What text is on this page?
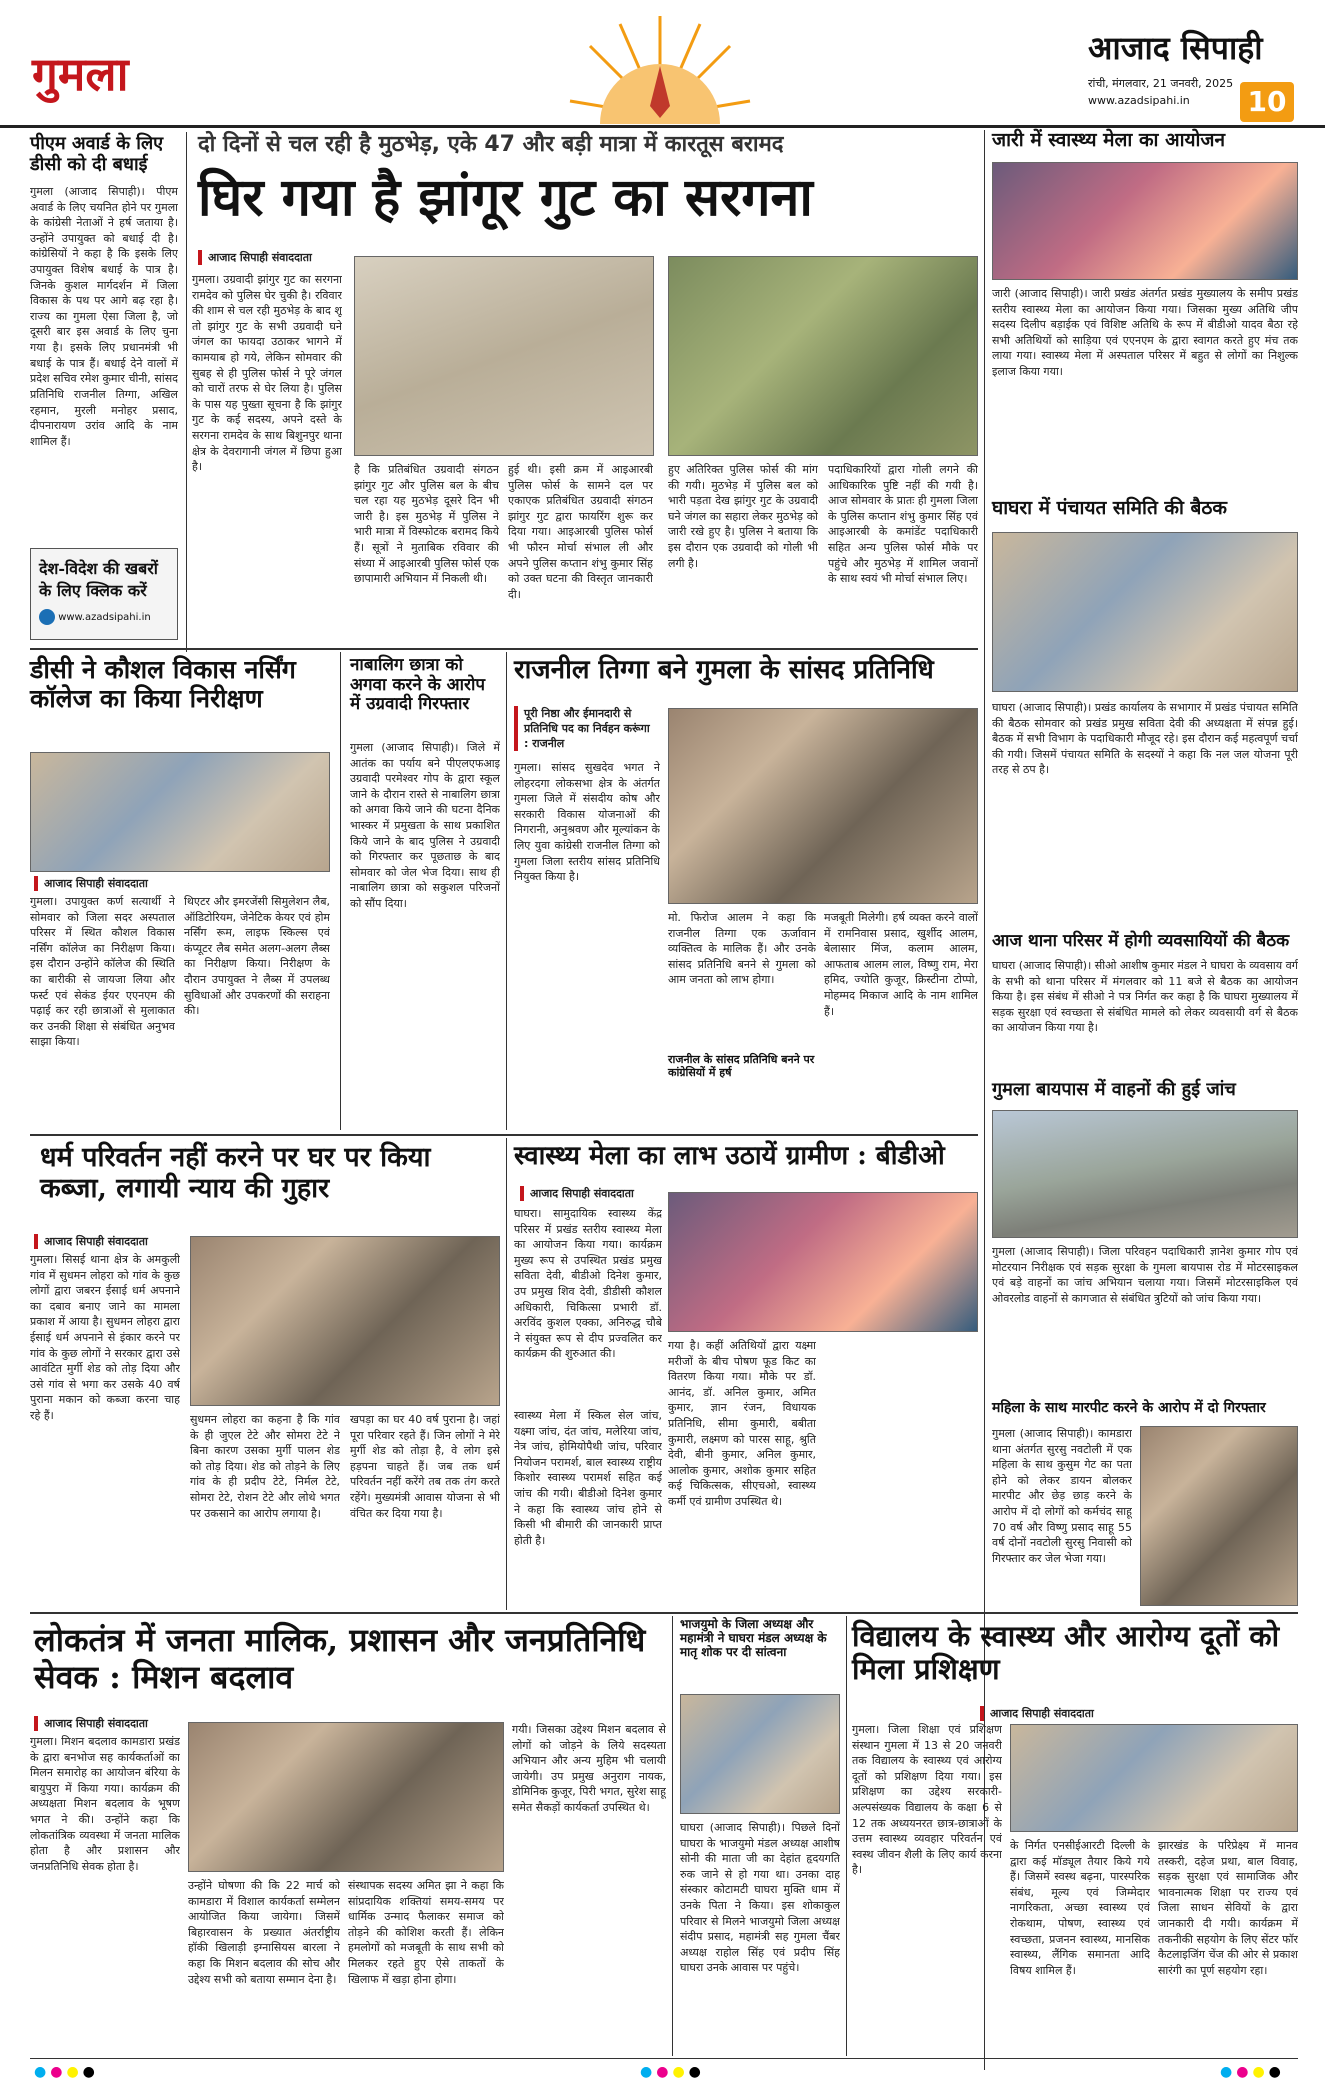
गुमला	आजाद सिपाही
रांची, मंगलवार, 21 जनवरी, 2025
www.azadsipahi.in 10
पीएम अवार्ड के लिए डीसी को दी बधाई
गुमला (आजाद सिपाही)। पीएम अवार्ड के लिए चयनित होने पर गुमला के कांग्रेसी नेताओं ने हर्ष जताया है। उन्होंने उपायुक्त को बधाई दी है। कांग्रेसियों ने कहा है कि इसके लिए उपायुक्त विशेष बधाई के पात्र है। जिनके कुशल मार्गदर्शन में जिला विकास के पथ पर आगे बढ़ रहा है। राज्य का गुमला ऐसा जिला है, जो दूसरी बार इस अवार्ड के लिए चुना गया है। इसके लिए प्रधानमंत्री भी बधाई के पात्र हैं। बधाई देने वालों में प्रदेश सचिव रमेश कुमार चीनी, सांसद प्रतिनिधि राजनील तिग्गा, अखिल रहमान, मुरली मनोहर प्रसाद, दीपनारायण उरांव आदि के नाम शामिल हैं।
देश-विदेश की खबरों के लिए क्लिक करें
www.azadsipahi.in
दो दिनों से चल रही है मुठभेड़, एके 47 और बड़ी मात्रा में कारतूस बरामद
घिर गया है झांगूर गुट का सरगना
आजाद सिपाही संवाददाता
गुमला। उग्रवादी झांगुर गुट का सरगना रामदेव को पुलिस घेर चुकी है। रविवार की शाम से चल रही मुठभेड़ के बाद शू तो झांगुर गुट के सभी उग्रवादी घने जंगल का फायदा उठाकर भागने में कामयाब हो गये, लेकिन सोमवार की सुबह से ही पुलिस फोर्स ने पूरे जंगल को चारों तरफ से घेर लिया है। पुलिस के पास यह पुख्ता सूचना है कि झांगुर गुट के कई सदस्य, अपने दस्ते के सरगना रामदेव के साथ बिशुनपुर थाना क्षेत्र के देवरागानी जंगल में छिपा हुआ है।	है कि प्रतिबंधित उग्रवादी संगठन झांगुर गुट और पुलिस बल के बीच चल रहा यह मुठभेड़ दूसरे दिन भी जारी है। इस मुठभेड़ में पुलिस ने भारी मात्रा में विस्फोटक बरामद किये हैं। सूत्रों ने मुताबिक रविवार की संध्या में आइआरबी पुलिस फोर्स एक छापामारी अभियान में निकली थी।
हुई थी। इसी क्रम में आइआरबी पुलिस फोर्स के सामने दल पर एकाएक प्रतिबंधित उग्रवादी संगठन झांगुर गुट द्वारा फायरिंग शुरू कर दिया गया। आइआरबी पुलिस फोर्स भी फौरन मोर्चा संभाल ली और अपने पुलिस कप्तान शंभु कुमार सिंह को उक्त घटना की विस्तृत जानकारी दी।
हुए अतिरिक्त पुलिस फोर्स की मांग की गयी। मुठभेड़ में पुलिस बल को भारी पड़ता देख झांगुर गुट के उग्रवादी घने जंगल का सहारा लेकर मुठभेड़ को जारी रखे हुए है। पुलिस ने बताया कि इस दौरान एक उग्रवादी को गोली भी लगी है।
पदाधिकारियों द्वारा गोली लगने की आधिकारिक पुष्टि नहीं की गयी है। आज सोमवार के प्रातः ही गुमला जिला के पुलिस कप्तान शंभु कुमार सिंह एवं आइआरबी के कमांडेंट पदाधिकारी सहित अन्य पुलिस फोर्स मौके पर पहुंचे और मुठभेड़ में शामिल जवानों के साथ स्वयं भी मोर्चा संभाल लिए।
जारी में स्वास्थ्य मेला का आयोजन
जारी (आजाद सिपाही)। जारी प्रखंड अंतर्गत प्रखंड मुख्यालय के समीप प्रखंड स्तरीय स्वास्थ्य मेला का आयोजन किया गया। जिसका मुख्य अतिथि जीप सदस्य दिलीप बड़ाईक एवं विशिष्ट अतिथि के रूप में बीडीओ यादव बैठा रहे सभी अतिथियों को साड़िया एवं एएनएम के द्वारा स्वागत करते हुए मंच तक लाया गया। स्वास्थ्य मेला में अस्पताल परिसर में बहुत से लोगों का निशुल्क इलाज किया गया।
घाघरा में पंचायत समिति की बैठक
घाघरा (आजाद सिपाही)। प्रखंड कार्यालय के सभागार में प्रखंड पंचायत समिति की बैठक सोमवार को प्रखंड प्रमुख सविता देवी की अध्यक्षता में संपन्न हुई। बैठक में सभी विभाग के पदाधिकारी मौजूद रहे। इस दौरान कई महत्वपूर्ण चर्चा की गयी। जिसमें पंचायत समिति के सदस्यों ने कहा कि नल जल योजना पूरी तरह से ठप है।
आज थाना परिसर में होगी व्यवसायियों की बैठक
घाघरा (आजाद सिपाही)। सीओ आशीष कुमार मंडल ने घाघरा के व्यवसाय वर्ग के सभी को थाना परिसर में मंगलवार को 11 बजे से बैठक का आयोजन किया है। इस संबंध में सीओ ने पत्र निर्गत कर कहा है कि घाघरा मुख्यालय में सड़क सुरक्षा एवं स्वच्छता से संबंधित मामले को लेकर व्यवसायी वर्ग से बैठक का आयोजन किया गया है।
गुमला बायपास में वाहनों की हुई जांच
गुमला (आजाद सिपाही)। जिला परिवहन पदाधिकारी ज्ञानेश कुमार गोप एवं मोटरयान निरीक्षक एवं सड़क सुरक्षा के गुमला बायपास रोड में मोटरसाइकल एवं बड़े वाहनों का जांच अभियान चलाया गया। जिसमें मोटरसाइकिल एवं ओवरलोड वाहनों से कागजात से संबंधित त्रुटियों को जांच किया गया।
महिला के साथ मारपीट करने के आरोप में दो गिरफ्तार
गुमला (आजाद सिपाही)। कामडारा थाना अंतर्गत सुरसु नवटोली में एक महिला के साथ कुसुम गेट का पता होने को लेकर डायन बोलकर मारपीट और छेड़ छाड़ करने के आरोप में दो लोगों को कर्मचंद साहू 70 वर्ष और विष्णु प्रसाद साहू 55 वर्ष दोनों नवटोली सुरसु निवासी को गिरफ्तार कर जेल भेजा गया।
डीसी ने कौशल विकास नर्सिंग कॉलेज का किया निरीक्षण
आजाद सिपाही संवाददाता
गुमला। उपायुक्त कर्ण सत्यार्थी ने सोमवार को जिला सदर अस्पताल परिसर में स्थित कौशल विकास नर्सिंग कॉलेज का निरीक्षण किया। इस दौरान उन्होंने कॉलेज की स्थिति का बारीकी से जायजा लिया और फर्स्ट एवं सेकंड ईयर एएनएम की पढ़ाई कर रही छात्राओं से मुलाकात कर उनकी शिक्षा से संबंधित अनुभव साझा किया।
थिएटर और इमरजेंसी सिमुलेशन लैब, ऑडिटोरियम, जेनेटिक केयर एवं होम नर्सिंग रूम, लाइफ स्किल्स एवं कंप्यूटर लैब समेत अलग-अलग लैब्स का निरीक्षण किया। निरीक्षण के दौरान उपायुक्त ने लैब्स में उपलब्ध सुविधाओं और उपकरणों की सराहना की।
नाबालिग छात्रा को अगवा करने के आरोप में उग्रवादी गिरफ्तार
गुमला (आजाद सिपाही)। जिले में आतंक का पर्याय बने पीएलएफआइ उग्रवादी परमेश्वर गोप के द्वारा स्कूल जाने के दौरान रास्ते से नाबालिग छात्रा को अगवा किये जाने की घटना दैनिक भास्कर में प्रमुखता के साथ प्रकाशित किये जाने के बाद पुलिस ने उग्रवादी को गिरफ्तार कर पूछताछ के बाद सोमवार को जेल भेज दिया। साथ ही नाबालिग छात्रा को सकुशल परिजनों को सौंप दिया।
राजनील तिग्गा बने गुमला के सांसद प्रतिनिधि
पूरी निष्ठा और ईमानदारी से प्रतिनिधि पद का निर्वहन करूंगा : राजनील
गुमला। सांसद सुखदेव भगत ने लोहरदगा लोकसभा क्षेत्र के अंतर्गत गुमला जिले में संसदीय कोष और सरकारी विकास योजनाओं की निगरानी, अनुश्रवण और मूल्यांकन के लिए युवा कांग्रेसी राजनील तिग्गा को गुमला जिला स्तरीय सांसद प्रतिनिधि नियुक्त किया है।
मो. फिरोज आलम ने कहा कि राजनील तिग्गा एक ऊर्जावान व्यक्तित्व के मालिक हैं। और उनके सांसद प्रतिनिधि बनने से गुमला को आम जनता को लाभ होगा।
मजबूती मिलेगी। हर्ष व्यक्त करने वालों में रामनिवास प्रसाद, खुर्शीद आलम, बेलासार मिंज, कलाम आलम, आफताब आलम लाल, विष्णु राम, मेरा हमिद, ज्योति कुजूर, क्रिस्टीना टोप्पो, मोहम्मद मिकाज आदि के नाम शामिल हैं।
राजनील के सांसद प्रतिनिधि बनने पर कांग्रेसियों में हर्ष
धर्म परिवर्तन नहीं करने पर घर पर किया कब्जा, लगायी न्याय की गुहार
आजाद सिपाही संवाददाता
गुमला। सिसई थाना क्षेत्र के अमकुली गांव में सुधमन लोहरा को गांव के कुछ लोगों द्वारा जबरन ईसाई धर्म अपनाने का दबाव बनाए जाने का मामला प्रकाश में आया है। सुधमन लोहरा द्वारा ईसाई धर्म अपनाने से इंकार करने पर गांव के कुछ लोगों ने सरकार द्वारा उसे आवंटित मुर्गी शेड को तोड़ दिया और उसे गांव से भगा कर उसके 40 वर्ष पुराना मकान को कब्जा करना चाह रहे हैं।	सुधमन लोहरा का कहना है कि गांव के ही जुएल टेटे और सोमरा टेटे ने बिना कारण उसका मुर्गी पालन शेड को तोड़ दिया। शेड को तोड़ने के लिए गांव के ही प्रदीप टेटे, निर्मल टेटे, सोमरा टेटे, रोशन टेटे और लोथे भगत पर उकसाने का आरोप लगाया है।
खपड़ा का घर 40 वर्ष पुराना है। जहां पूरा परिवार रहते हैं। जिन लोगों ने मेरे मुर्गी शेड को तोड़ा है, वे लोग इसे हड़पना चाहते हैं। जब तक धर्म परिवर्तन नहीं करेंगे तब तक तंग करते रहेंगे। मुख्यमंत्री आवास योजना से भी वंचित कर दिया गया है।
स्वास्थ्य मेला का लाभ उठायें ग्रामीण : बीडीओ
आजाद सिपाही संवाददाता
घाघरा। सामुदायिक स्वास्थ्य केंद्र परिसर में प्रखंड स्तरीय स्वास्थ्य मेला का आयोजन किया गया। कार्यक्रम मुख्य रूप से उपस्थित प्रखंड प्रमुख सविता देवी, बीडीओ दिनेश कुमार, उप प्रमुख शिव देवी, डीडीसी कौशल अधिकारी, चिकित्सा प्रभारी डॉ. अरविंद कुशल एक्का, अनिरुद्ध चौबे ने संयुक्त रूप से दीप प्रज्वलित कर कार्यक्रम की शुरुआत की।
स्वास्थ्य मेला में स्किल सेल जांच, यक्ष्मा जांच, दंत जांच, मलेरिया जांच, नेत्र जांच, होमियोपैथी जांच, परिवार नियोजन परामर्श, बाल स्वास्थ्य राष्ट्रीय किशोर स्वास्थ्य परामर्श सहित कई जांच की गयी। बीडीओ दिनेश कुमार ने कहा कि स्वास्थ्य जांच होने से किसी भी बीमारी की जानकारी प्राप्त होती है।
गया है। कहीं अतिथियों द्वारा यक्ष्मा मरीजों के बीच पोषण फूड किट का वितरण किया गया। मौके पर डॉ. आनंद, डॉ. अनिल कुमार, अमित कुमार, ज्ञान रंजन, विधायक प्रतिनिधि, सीमा कुमारी, बबीता कुमारी, लक्ष्मण को पारस साहू, श्रुति देवी, बीनी कुमार, अनिल कुमार, आलोक कुमार, अशोक कुमार सहित कई चिकित्सक, सीएचओ, स्वास्थ्य कर्मी एवं ग्रामीण उपस्थित थे।
लोकतंत्र में जनता मालिक, प्रशासन और जनप्रतिनिधि सेवक : मिशन बदलाव
आजाद सिपाही संवाददाता
गुमला। मिशन बदलाव कामडारा प्रखंड के द्वारा बनभोज सह कार्यकर्ताओं का मिलन समारोह का आयोजन बंरिया के बायुपुरा में किया गया। कार्यक्रम की अध्यक्षता मिशन बदलाव के भूषण भगत ने की। उन्होंने कहा कि लोकतांत्रिक व्यवस्था में जनता मालिक होता है और प्रशासन और जनप्रतिनिधि सेवक होता है।
उन्होंने घोषणा की कि 22 मार्च को कामडारा में विशाल कार्यकर्ता सम्मेलन आयोजित किया जायेगा। जिसमें बिहारवासन के प्रख्यात अंतर्राष्ट्रीय हॉकी खिलाड़ी इग्नासियस बारला ने कहा कि मिशन बदलाव की सोच और उद्देश्य सभी को बताया सम्मान देना है।
संस्थापक सदस्य अमित झा ने कहा कि सांप्रदायिक शक्तियां समय-समय पर धार्मिक उन्माद फैलाकर समाज को तोड़ने की कोशिश करती हैं। लेकिन हमलोगों को मजबूती के साथ सभी को मिलकर रहते हुए ऐसे ताकतों के खिलाफ में खड़ा होना होगा।
गयी। जिसका उद्देश्य मिशन बदलाव से लोगों को जोड़ने के लिये सदस्यता अभियान और अन्य मुहिम भी चलायी जायेगी। उप प्रमुख अनुराग नायक, डोमिनिक कुजूर, पिरी भगत, सुरेश साहू समेत सैकड़ों कार्यकर्ता उपस्थित थे।
भाजयुमो के जिला अध्यक्ष और महामंत्री ने घाघरा मंडल अध्यक्ष के मातृ शोक पर दी सांत्वना
घाघरा (आजाद सिपाही)। पिछले दिनों घाघरा के भाजयुमो मंडल अध्यक्ष आशीष सोनी की माता जी का देहांत हृदयगति रुक जाने से हो गया था। उनका दाह संस्कार कोटामटी घाघरा मुक्ति धाम में उनके पिता ने किया। इस शोकाकुल परिवार से मिलने भाजयुमो जिला अध्यक्ष संदीप प्रसाद, महामंत्री सह गुमला चैंबर अध्यक्ष राहोल सिंह एवं प्रदीप सिंह घाघरा उनके आवास पर पहुंचे।
विद्यालय के स्वास्थ्य और आरोग्य दूतों को मिला प्रशिक्षण
आजाद सिपाही संवाददाता
गुमला। जिला शिक्षा एवं प्रशिक्षण संस्थान गुमला में 13 से 20 जनवरी तक विद्यालय के स्वास्थ्य एवं आरोग्य दूतों को प्रशिक्षण दिया गया। इस प्रशिक्षण का उद्देश्य सरकारी-अल्पसंख्यक विद्यालय के कक्षा 6 से 12 तक अध्ययनरत छात्र-छात्राओं के उत्तम स्वास्थ्य व्यवहार परिवर्तन एवं स्वस्थ जीवन शैली के लिए कार्य करना है।
के निर्गत एनसीईआरटी दिल्ली के द्वारा कई मॉड्यूल तैयार किये गये हैं। जिसमें स्वस्थ बढ़ना, पारस्परिक संबंध, मूल्य एवं जिम्मेदार नागरिकता, अच्छा स्वास्थ्य एवं रोकथाम, पोषण, स्वास्थ्य एवं स्वच्छता, प्रजनन स्वास्थ्य, मानसिक स्वास्थ्य, लैंगिक समानता आदि विषय शामिल हैं।
झारखंड के परिप्रेक्ष्य में मानव तस्करी, दहेज प्रथा, बाल विवाह, सड़क सुरक्षा एवं सामाजिक और भावनात्मक शिक्षा पर राज्य एवं जिला साधन सेवियों के द्वारा जानकारी दी गयी। कार्यक्रम में तकनीकी सहयोग के लिए सेंटर फॉर कैटलाइजिंग चेंज की ओर से प्रकाश सारंगी का पूर्ण सहयोग रहा।
●●●●	●●●●	●●●●
